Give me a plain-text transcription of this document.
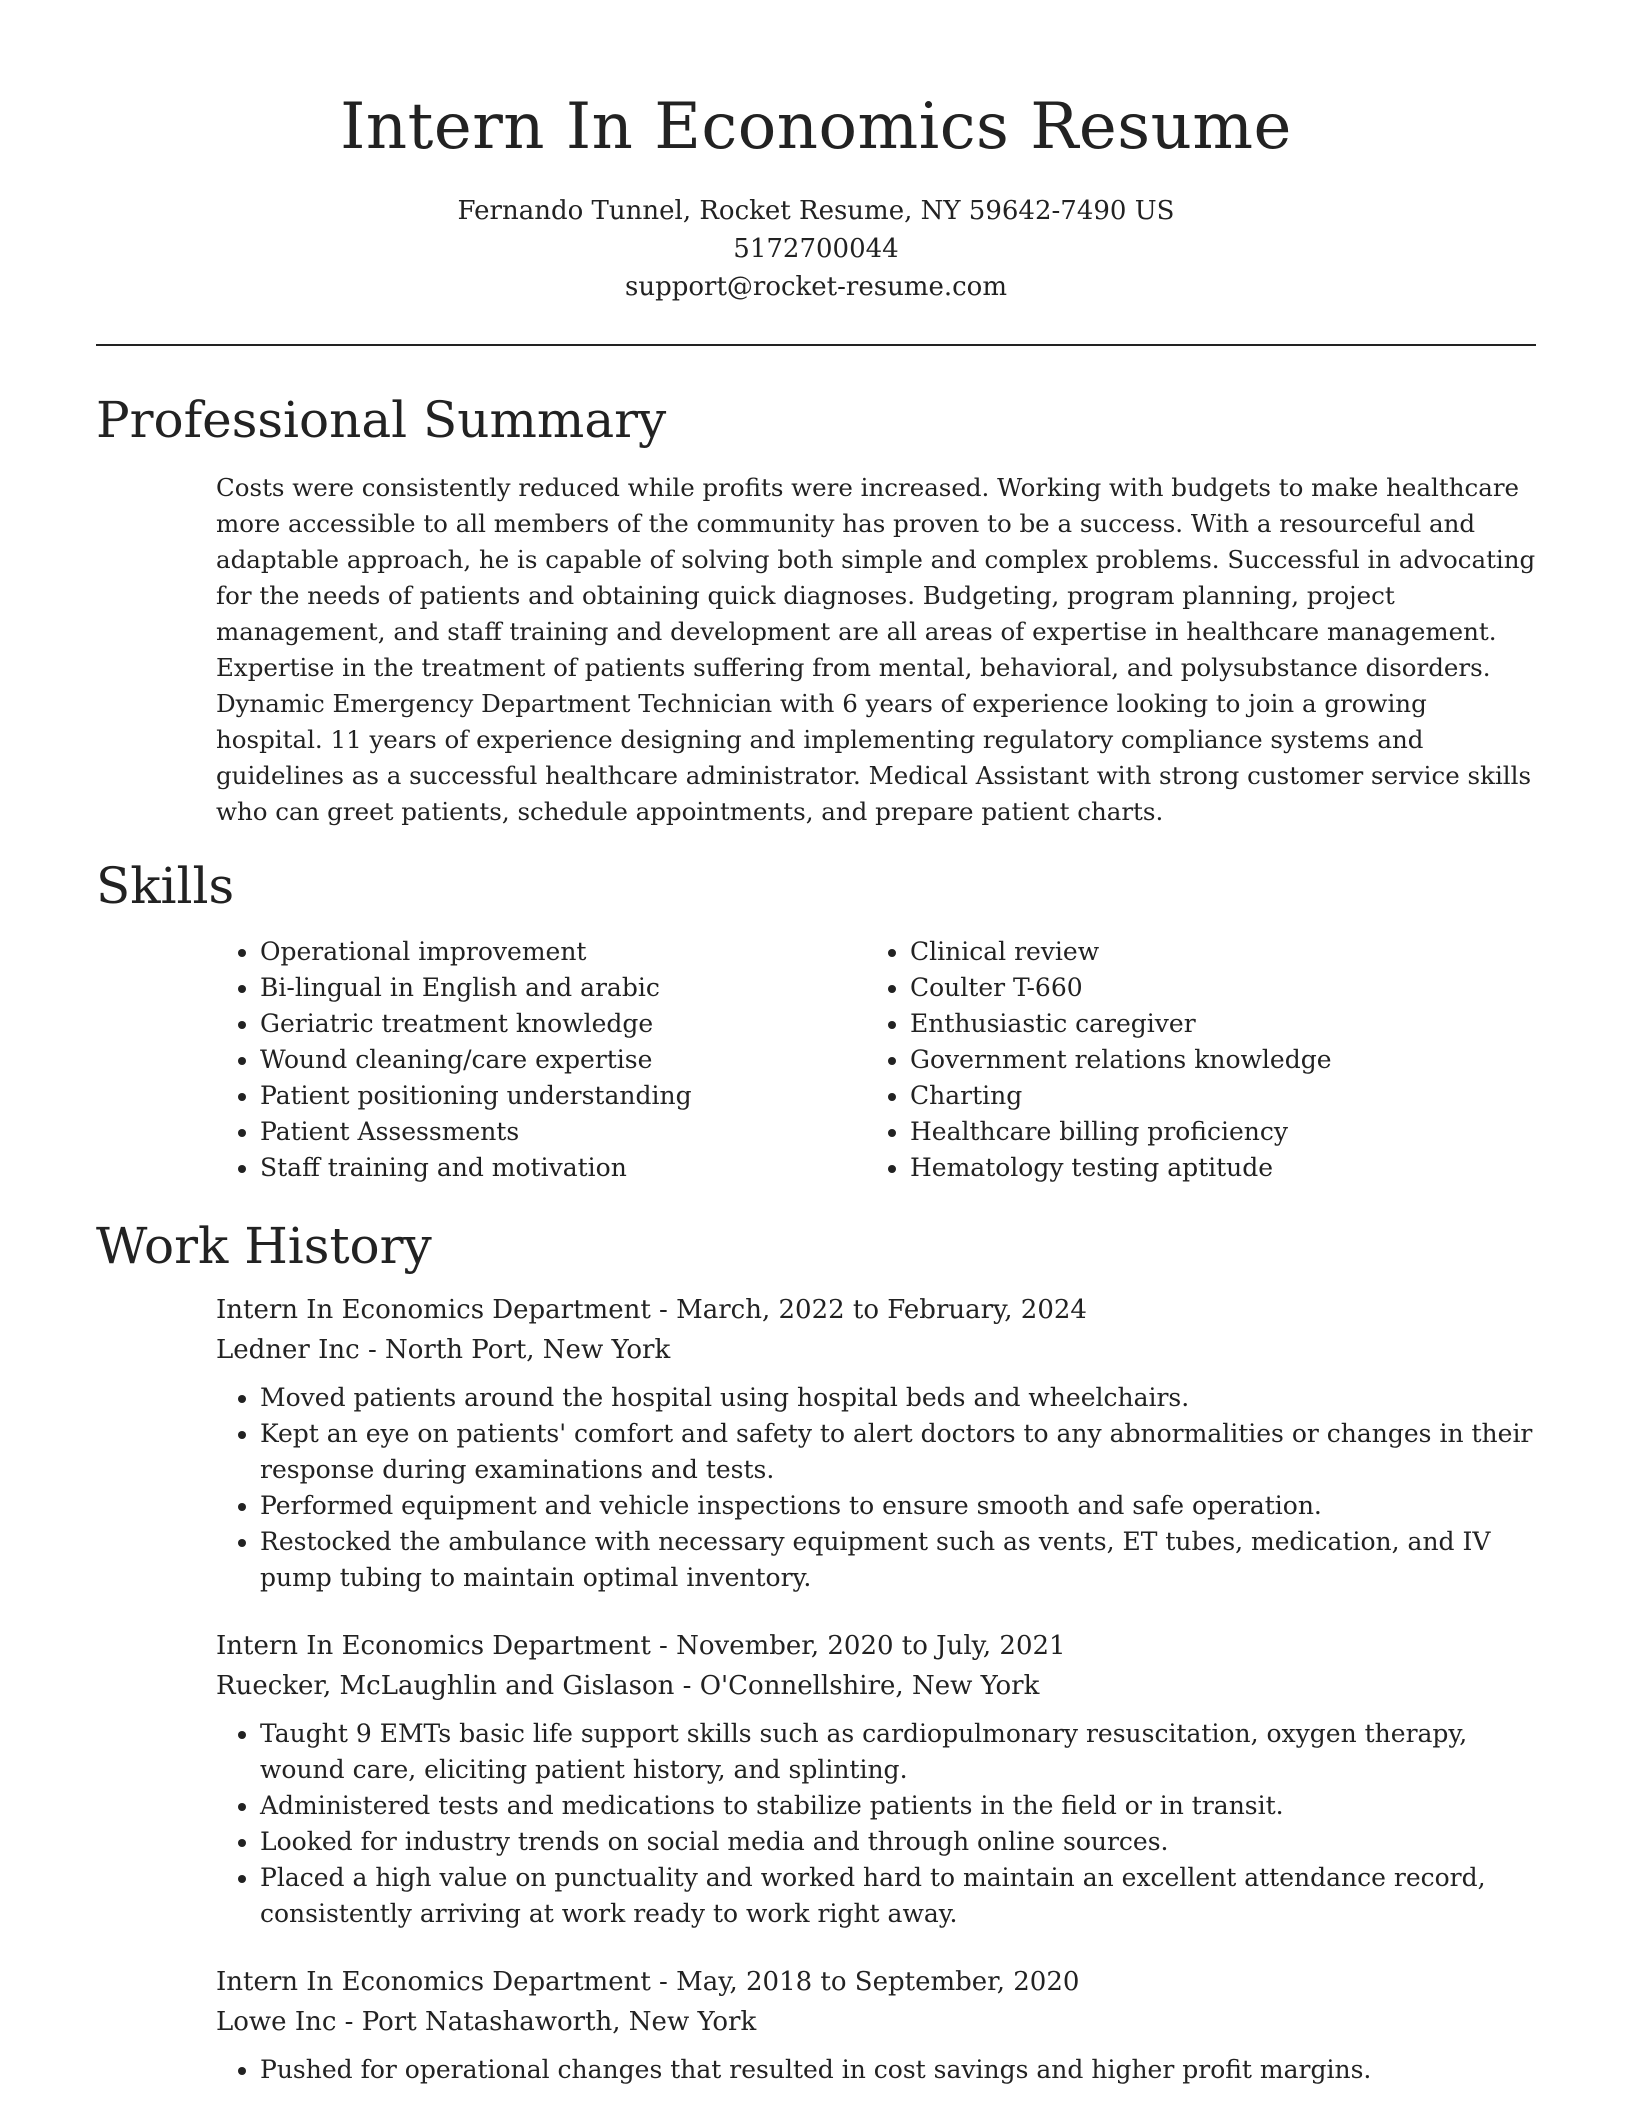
Intern In Economics Resume

Fernando Tunnel, Rocket Resume, NY 59642-7490 US

5172700044

support@rocket-resume.com

Professional Summary

Costs were consistently reduced while profits were increased. Working with budgets to make healthcare more accessible to all members of the community has proven to be a success. With a resourceful and adaptable approach, he is capable of solving both simple and complex problems. Successful in advocating for the needs of patients and obtaining quick diagnoses. Budgeting, program planning, project management, and staff training and development are all areas of expertise in healthcare management. Expertise in the treatment of patients suffering from mental, behavioral, and polysubstance disorders. Dynamic Emergency Department Technician with 6 years of experience looking to join a growing hospital. 11 years of experience designing and implementing regulatory compliance systems and guidelines as a successful healthcare administrator. Medical Assistant with strong customer service skills who can greet patients, schedule appointments, and prepare patient charts.

Skills
• Operational improvement
• Bi-lingual in English and arabic
• Geriatric treatment knowledge
• Wound cleaning/care expertise
• Patient positioning understanding
• Patient Assessments
• Staff training and motivation
• Clinical review
• Coulter T-660
• Enthusiastic caregiver
• Government relations knowledge
• Charting
• Healthcare billing proficiency
• Hematology testing aptitude
Work History
Intern In Economics Department - March, 2022 to February, 2024
Ledner Inc - North Port, New York
• Moved patients around the hospital using hospital beds and wheelchairs.
• Kept an eye on patients' comfort and safety to alert doctors to any abnormalities or changes in their response during examinations and tests.
• Performed equipment and vehicle inspections to ensure smooth and safe operation.
• Restocked the ambulance with necessary equipment such as vents, ET tubes, medication, and IV pump tubing to maintain optimal inventory.
Intern In Economics Department - November, 2020 to July, 2021
Ruecker, McLaughlin and Gislason - O'Connellshire, New York
• Taught 9 EMTs basic life support skills such as cardiopulmonary resuscitation, oxygen therapy, wound care, eliciting patient history, and splinting.
• Administered tests and medications to stabilize patients in the field or in transit.
• Looked for industry trends on social media and through online sources.
• Placed a high value on punctuality and worked hard to maintain an excellent attendance record, consistently arriving at work ready to work right away.
Intern In Economics Department - May, 2018 to September, 2020
Lowe Inc - Port Natashaworth, New York
• Pushed for operational changes that resulted in cost savings and higher profit margins.
